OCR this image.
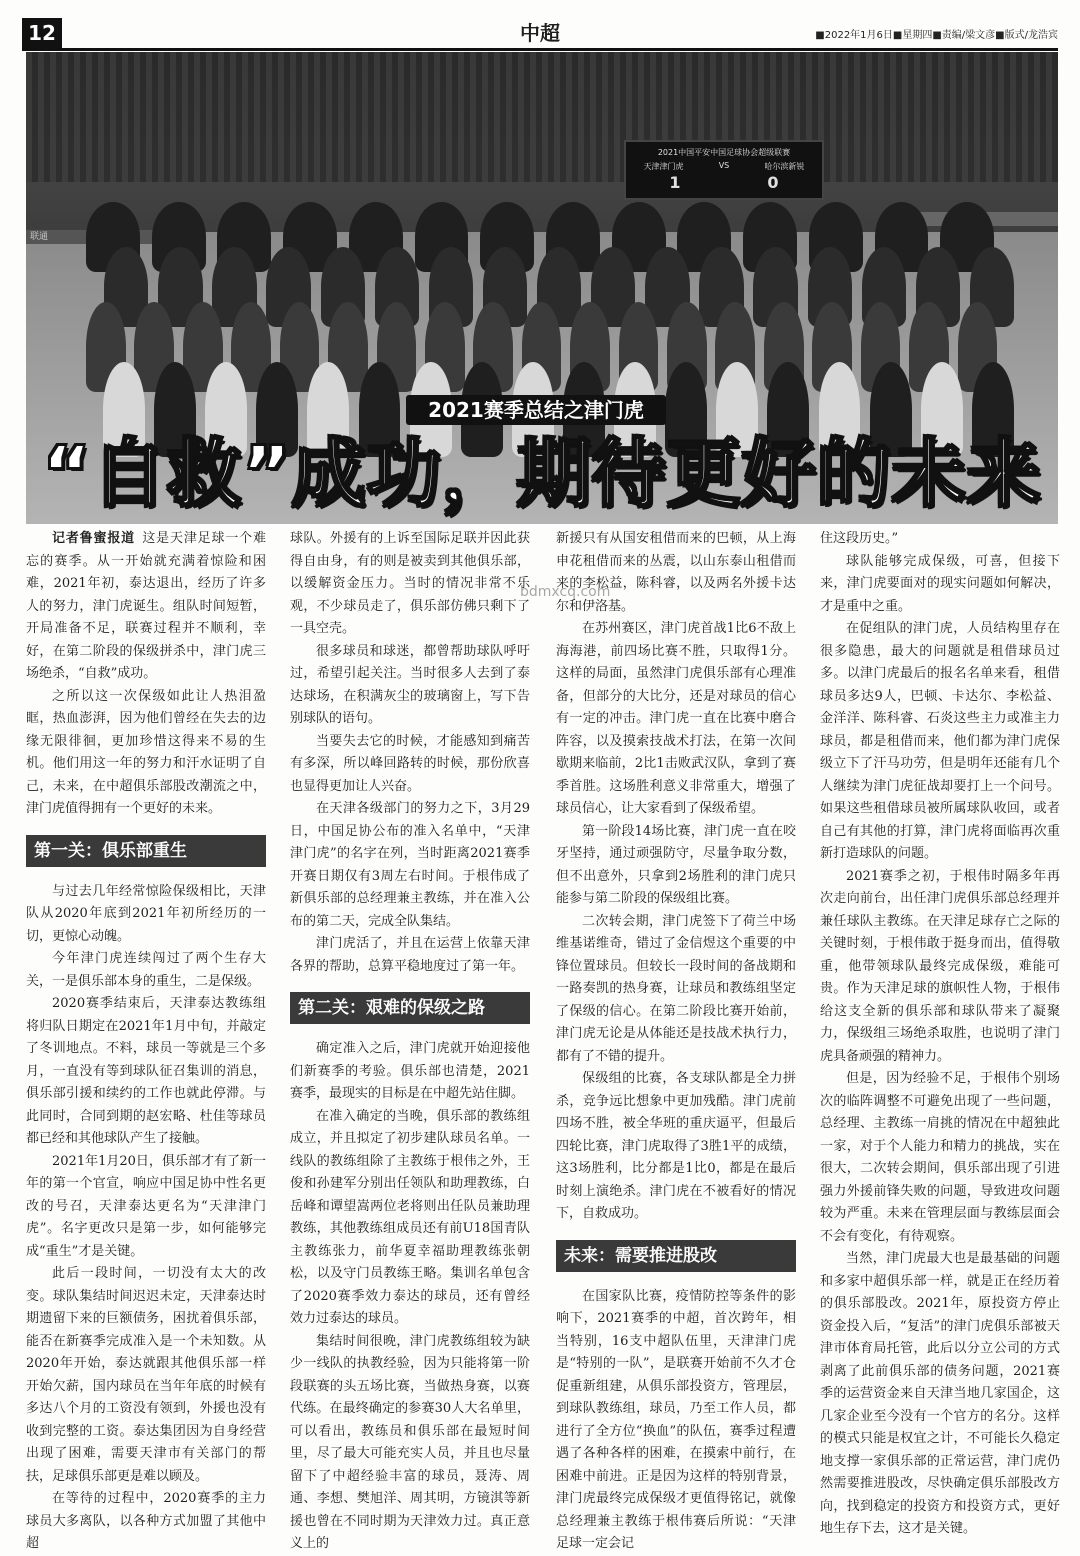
12	中超	■2022年1月6日■星期四■责编/梁文彦■版式/龙浩宾
联通
2021中国平安中国足球协会超级联赛
天津津门虎	VS	哈尔滨新锐
1	0
2021赛季总结之津门虎
“自救”成功，期待更好的未来

记者鲁蜜报道  这是天津足球一个难忘的赛季。从一开始就充满着惊险和困难，2021年初，泰达退出，经历了许多人的努力，津门虎诞生。组队时间短暂，开局准备不足，联赛过程并不顺利，幸好，在第二阶段的保级拼杀中，津门虎三场绝杀，“自救”成功。

之所以这一次保级如此让人热泪盈眶，热血澎湃，因为他们曾经在失去的边缘无限徘徊，更加珍惜这得来不易的生机。他们用这一年的努力和汗水证明了自己，未来，在中超俱乐部股改潮流之中，津门虎值得拥有一个更好的未来。

第一关：俱乐部重生

与过去几年经常惊险保级相比，天津队从2020年底到2021年初所经历的一切，更惊心动魄。

今年津门虎连续闯过了两个生存大关，一是俱乐部本身的重生，二是保级。

2020赛季结束后，天津泰达教练组将归队日期定在2021年1月中旬，并敲定了冬训地点。不料，球员一等就是三个多月，一直没有等到球队征召集训的消息，俱乐部引援和续约的工作也就此停滞。与此同时，合同到期的赵宏略、杜佳等球员都已经和其他球队产生了接触。

2021年1月20日，俱乐部才有了新一年的第一个官宣，响应中国足协中性名更改的号召，天津泰达更名为“天津津门虎”。名字更改只是第一步，如何能够完成“重生”才是关键。

此后一段时间，一切没有太大的改变。球队集结时间迟迟未定，天津泰达时期遗留下来的巨额债务，困扰着俱乐部，能否在新赛季完成准入是一个未知数。从2020年开始，泰达就跟其他俱乐部一样开始欠薪，国内球员在当年年底的时候有多达八个月的工资没有领到，外援也没有收到完整的工资。泰达集团因为自身经营出现了困难，需要天津市有关部门的帮扶，足球俱乐部更是难以顾及。

在等待的过程中，2020赛季的主力球员大多离队，以各种方式加盟了其他中超

球队。外援有的上诉至国际足联并因此获得自由身，有的则是被卖到其他俱乐部，以缓解资金压力。当时的情况非常不乐观，不少球员走了，俱乐部仿佛只剩下了一具空壳。

很多球员和球迷，都曾帮助球队呼吁过，希望引起关注。当时很多人去到了泰达球场，在积满灰尘的玻璃窗上，写下告别球队的语句。

当要失去它的时候，才能感知到痛苦有多深，所以峰回路转的时候，那份欣喜也显得更加让人兴奋。

在天津各级部门的努力之下，3月29日，中国足协公布的准入名单中，“天津津门虎”的名字在列，当时距离2021赛季开赛日期仅有3周左右时间。于根伟成了新俱乐部的总经理兼主教练，并在准入公布的第二天，完成全队集结。

津门虎活了，并且在运营上依靠天津各界的帮助，总算平稳地度过了第一年。

第二关：艰难的保级之路

确定准入之后，津门虎就开始迎接他们新赛季的考验。俱乐部也清楚，2021赛季，最现实的目标是在中超先站住脚。

在准入确定的当晚，俱乐部的教练组成立，并且拟定了初步建队球员名单。一线队的教练组除了主教练于根伟之外，王俊和孙建军分别出任领队和助理教练，白岳峰和谭望嵩两位老将则出任队员兼助理教练，其他教练组成员还有前U18国青队主教练张力，前华夏幸福助理教练张朝松，以及守门员教练王略。集训名单包含了2020赛季效力泰达的球员，还有曾经效力过泰达的球员。

集结时间很晚，津门虎教练组较为缺少一线队的执教经验，因为只能将第一阶段联赛的头五场比赛，当做热身赛，以赛代练。在最终确定的参赛30人大名单里，可以看出，教练员和俱乐部在最短时间里，尽了最大可能充实人员，并且也尽量留下了中超经验丰富的球员，聂涛、周通、李想、樊旭洋、周其明，方镜淇等新援也曾在不同时期为天津效力过。真正意义上的

新援只有从国安租借而来的巴顿，从上海申花租借而来的丛震，以山东泰山租借而来的李松益，陈科睿，以及两名外援卡达尔和伊洛基。

在苏州赛区，津门虎首战1比6不敌上海海港，前四场比赛不胜，只取得1分。这样的局面，虽然津门虎俱乐部有心理准备，但部分的大比分，还是对球员的信心有一定的冲击。津门虎一直在比赛中磨合阵容，以及摸索技战术打法，在第一次间歇期来临前，2比1击败武汉队，拿到了赛季首胜。这场胜利意义非常重大，增强了球员信心，让大家看到了保级希望。

第一阶段14场比赛，津门虎一直在咬牙坚持，通过顽强防守，尽量争取分数，但不出意外，只拿到2场胜利的津门虎只能参与第二阶段的保级组比赛。

二次转会期，津门虎签下了荷兰中场维基诺维奇，错过了金信煜这个重要的中锋位置球员。但较长一段时间的备战期和一路奏凯的热身赛，让球员和教练组坚定了保级的信心。在第二阶段比赛开始前，津门虎无论是从体能还是技战术执行力，都有了不错的提升。

保级组的比赛，各支球队都是全力拼杀，竞争远比想象中更加残酷。津门虎前四场不胜，被全华班的重庆逼平，但最后四轮比赛，津门虎取得了3胜1平的成绩，这3场胜利，比分都是1比0，都是在最后时刻上演绝杀。津门虎在不被看好的情况下，自救成功。

未来：需要推进股改

在国家队比赛，疫情防控等条件的影响下，2021赛季的中超，首次跨年，相当特别，16支中超队伍里，天津津门虎是“特别的一队”，是联赛开始前不久才仓促重新组建，从俱乐部投资方，管理层，到球队教练组，球员，乃至工作人员，都进行了全方位“换血”的队伍，赛季过程遭遇了各种各样的困难，在摸索中前行，在困难中前进。正是因为这样的特别背景，津门虎最终完成保级才更值得铭记，就像总经理兼主教练于根伟赛后所说：“天津足球一定会记

住这段历史。”

球队能够完成保级，可喜，但接下来，津门虎要面对的现实问题如何解决，才是重中之重。

在促组队的津门虎，人员结构里存在很多隐患，最大的问题就是租借球员过多。以津门虎最后的报名名单来看，租借球员多达9人，巴顿、卡达尔、李松益、金洋洋、陈科睿、石炎这些主力或准主力球员，都是租借而来，他们都为津门虎保级立下了汗马功劳，但是明年还能有几个人继续为津门虎征战却要打上一个问号。如果这些租借球员被所属球队收回，或者自己有其他的打算，津门虎将面临再次重新打造球队的问题。

2021赛季之初，于根伟时隔多年再次走向前台，出任津门虎俱乐部总经理并兼任球队主教练。在天津足球存亡之际的关键时刻，于根伟敢于挺身而出，值得敬重，他带领球队最终完成保级，难能可贵。作为天津足球的旗帜性人物，于根伟给这支全新的俱乐部和球队带来了凝聚力，保级组三场绝杀取胜，也说明了津门虎具备顽强的精神力。

但是，因为经验不足，于根伟个别场次的临阵调整不可避免出现了一些问题，总经理、主教练一肩挑的情况在中超独此一家，对于个人能力和精力的挑战，实在很大，二次转会期间，俱乐部出现了引进强力外援前锋失败的问题，导致进攻问题较为严重。未来在管理层面与教练层面会不会有变化，有待观察。

当然，津门虎最大也是最基础的问题和多家中超俱乐部一样，就是正在经历着的俱乐部股改。2021年，原投资方停止资金投入后，“复活”的津门虎俱乐部被天津市体育局托管，此后以分立公司的方式剥离了此前俱乐部的债务问题，2021赛季的运营资金来自天津当地几家国企，这几家企业至今没有一个官方的名分。这样的模式只能是权宜之计，不可能长久稳定地支撑一家俱乐部的正常运营，津门虎仍然需要推进股改，尽快确定俱乐部股改方向，找到稳定的投资方和投资方式，更好地生存下去，这才是关键。

bdmxcq.com
